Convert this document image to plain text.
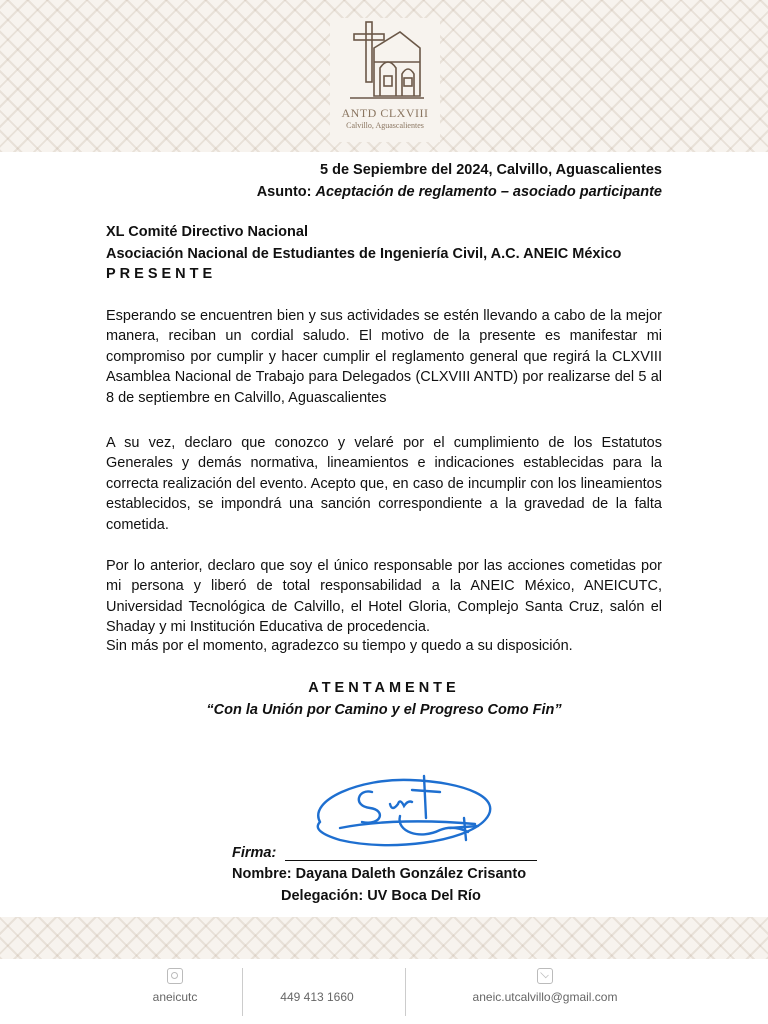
ANTD CLXVIII
Calvillo, Aguascalientes
5 de Sepiembre del 2024, Calvillo, Aguascalientes
Asunto: Aceptación de reglamento – asociado participante
XL Comité Directivo Nacional
Asociación Nacional de Estudiantes de Ingeniería Civil, A.C. ANEIC México
PRESENTE

Esperando se encuentren bien y sus actividades se estén llevando a cabo de la mejor manera, reciban un cordial saludo. El motivo de la presente es manifestar mi compromiso por cumplir y hacer cumplir el reglamento general que regirá la CLXVIII Asamblea Nacional de Trabajo para Delegados (CLXVIII ANTD) por realizarse del 5 al 8 de septiembre en Calvillo, Aguascalientes

A su vez, declaro que conozco y velaré por el cumplimiento de los Estatutos Generales y demás normativa, lineamientos e indicaciones establecidas para la correcta realización del evento. Acepto que, en caso de incumplir con los lineamientos establecidos, se impondrá una sanción correspondiente a la gravedad de la falta cometida.

Por lo anterior, declaro que soy el único responsable por las acciones cometidas por mi persona y liberó de total responsabilidad a la ANEIC México, ANEICUTC, Universidad Tecnológica de Calvillo, el Hotel Gloria, Complejo Santa Cruz, salón el Shaday y mi Institución Educativa de procedencia.

Sin más por el momento, agradezco su tiempo y quedo a su disposición.
ATENTAMENTE
“Con la Unión por Camino y el Progreso Como Fin”
Firma:
Nombre: Dayana Daleth González Crisanto
Delegación: UV Boca Del Río
aneicutc	449 413 1660	aneic.utcalvillo@gmail.com
